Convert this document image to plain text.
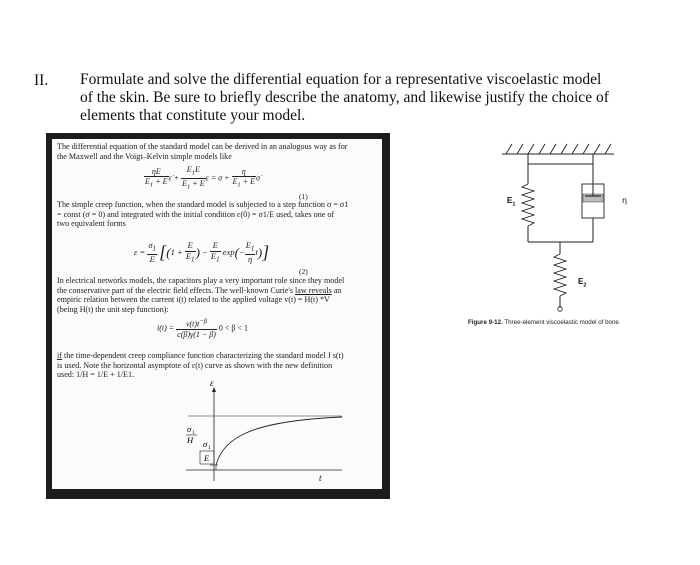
II. Formulate and solve the differential equation for a representative viscoelastic model
of the skin. Be sure to briefly describe the anatomy, and likewise justify the choice of
elements that constitute your model.
The differential equation of the standard model can be derived in an analogous way as for
the Maxwell and the Voigt–Kelvin simple models like
$\frac{\eta E}{E_1 + E}$ ε̇ + $\frac{E_1E}{E_1 + E}$ $\varepsilon = \sigma + \frac{\eta}{E_1 + E}$ σ̇
(1)
The simple creep function, when the standard model is subjected to a step function σ = σ1
= const (σ̇ = 0) and integrated with the initial condition ε(0) = σ1/E used, takes one of
two equivalent forms
$\varepsilon = \frac{\sigma_1}{E} [(1 + \frac{E}{E_1}$ ) − $\frac{E}{E_1} \exp(- \frac{E_1}{\eta} t)$]
(2)
In electrical networks models, the capacitors play a very important role since they model
the conservative part of the electric field effects. The well-known Curie's law reveals an
empiric relation between the current i(t) related to the applied voltage v(t) = H(t) *V
(being H(t) the unit step function):
$i(t) = \frac{v(t)t^{-\beta}}{c(\beta)\gamma(1 - \beta)} 0 < \beta < 1$
if the time-dependent creep compliance function characterizing the standard model J s(t)
is used. Note the horizontal asymptote of ε(t) curve as shown with the new definition
used: 1/H = 1/E + 1/E1.
ε
σ 1
H σ 1
E
t
$E_1$	η
$E_2$
Figure 9-12. Three-element viscoelastic model of bone.
